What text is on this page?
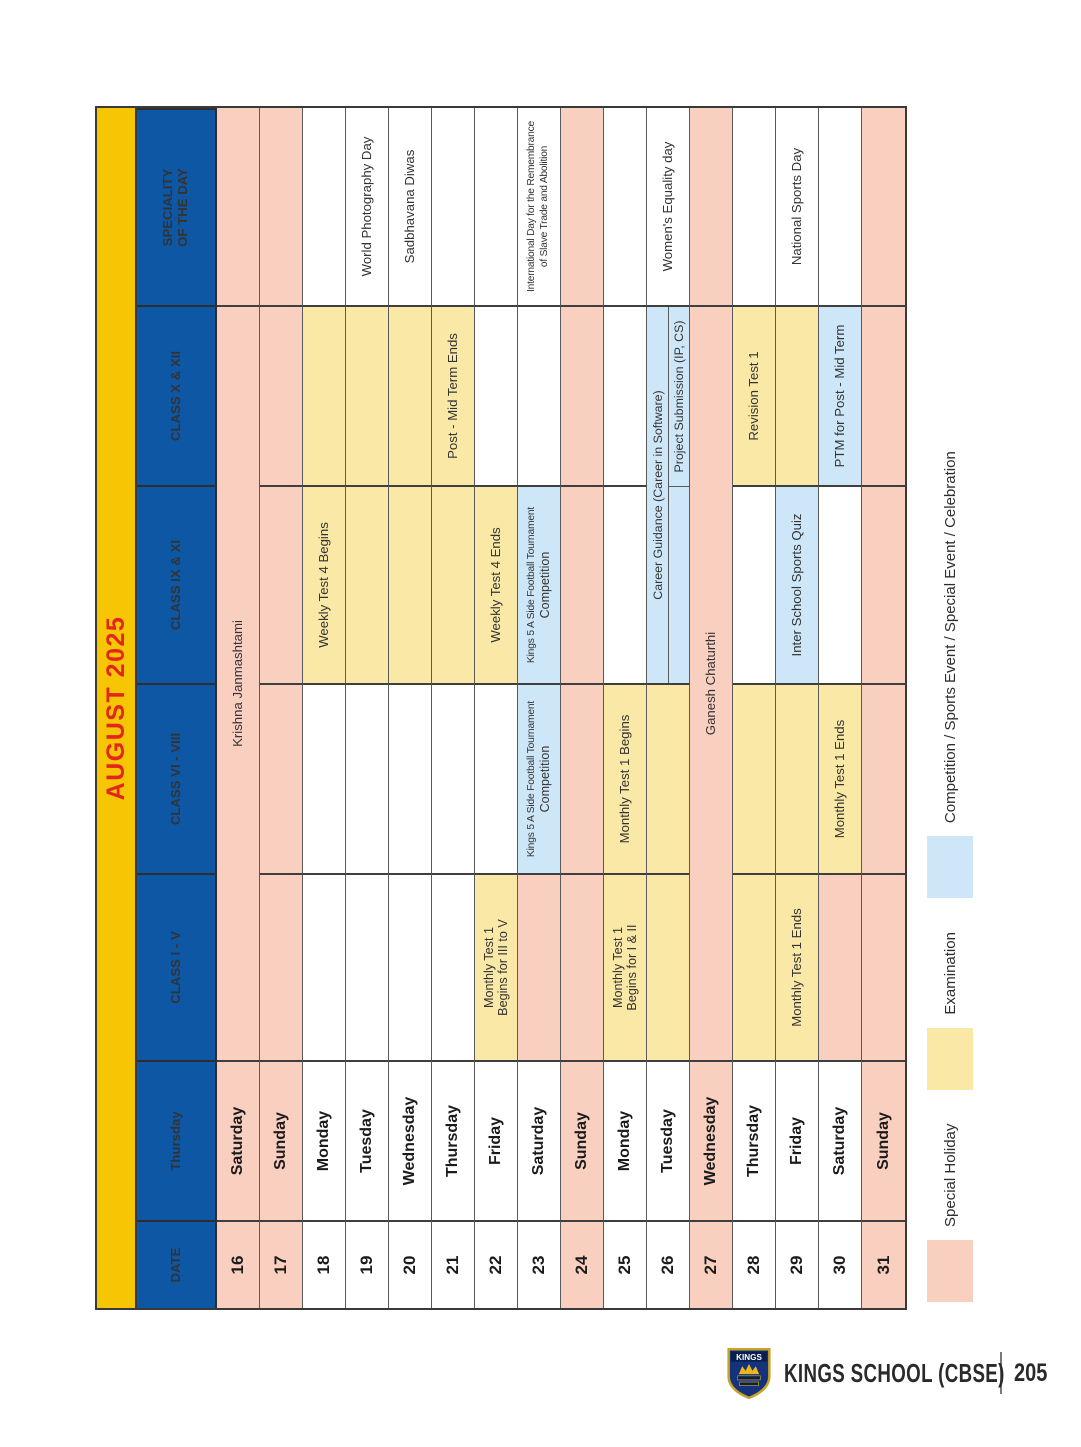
AUGUST 2025
DATE
Thursday
CLASS I - V
CLASS VI - VIII
CLASS IX & XI
CLASS X & XII
SPECIALITY OF THE DAY
16
Saturday
Krishna Janmashtami
17
Sunday
18
Monday
Weekly Test 4 Begins
19
Tuesday
World Photography Day
20
Wednesday
Sadbhavana Diwas
21
Thursday
Post - Mid Term Ends
22
Friday
Monthly Test 1 Begins for III to V
Weekly Test 4 Ends
23
Saturday
Kings 5 A Side Football Tournament Competition
Kings 5 A Side Football Tournament Competition
International Day for the Remembrance of Slave Trade and Abolition
24
Sunday
25
Monday
Monthly Test 1 Begins for I & II
Monthly Test 1 Begins
26
Tuesday
Career Guidance (Career in Software) Project Submission (IP, CS)
Women's Equality day
27
Wednesday
Ganesh Chaturthi
28
Thursday
Revision Test 1
29
Friday
Monthly Test 1 Ends
Inter School Sports Quiz
National Sports Day
30
Saturday
Monthly Test 1 Ends
PTM for Post - Mid Term
31
Sunday	Special Holiday
Examination
Competition / Sports Event / Special Event / Celebration
KINGS
KINGS SCHOOL (CBSE) 205
